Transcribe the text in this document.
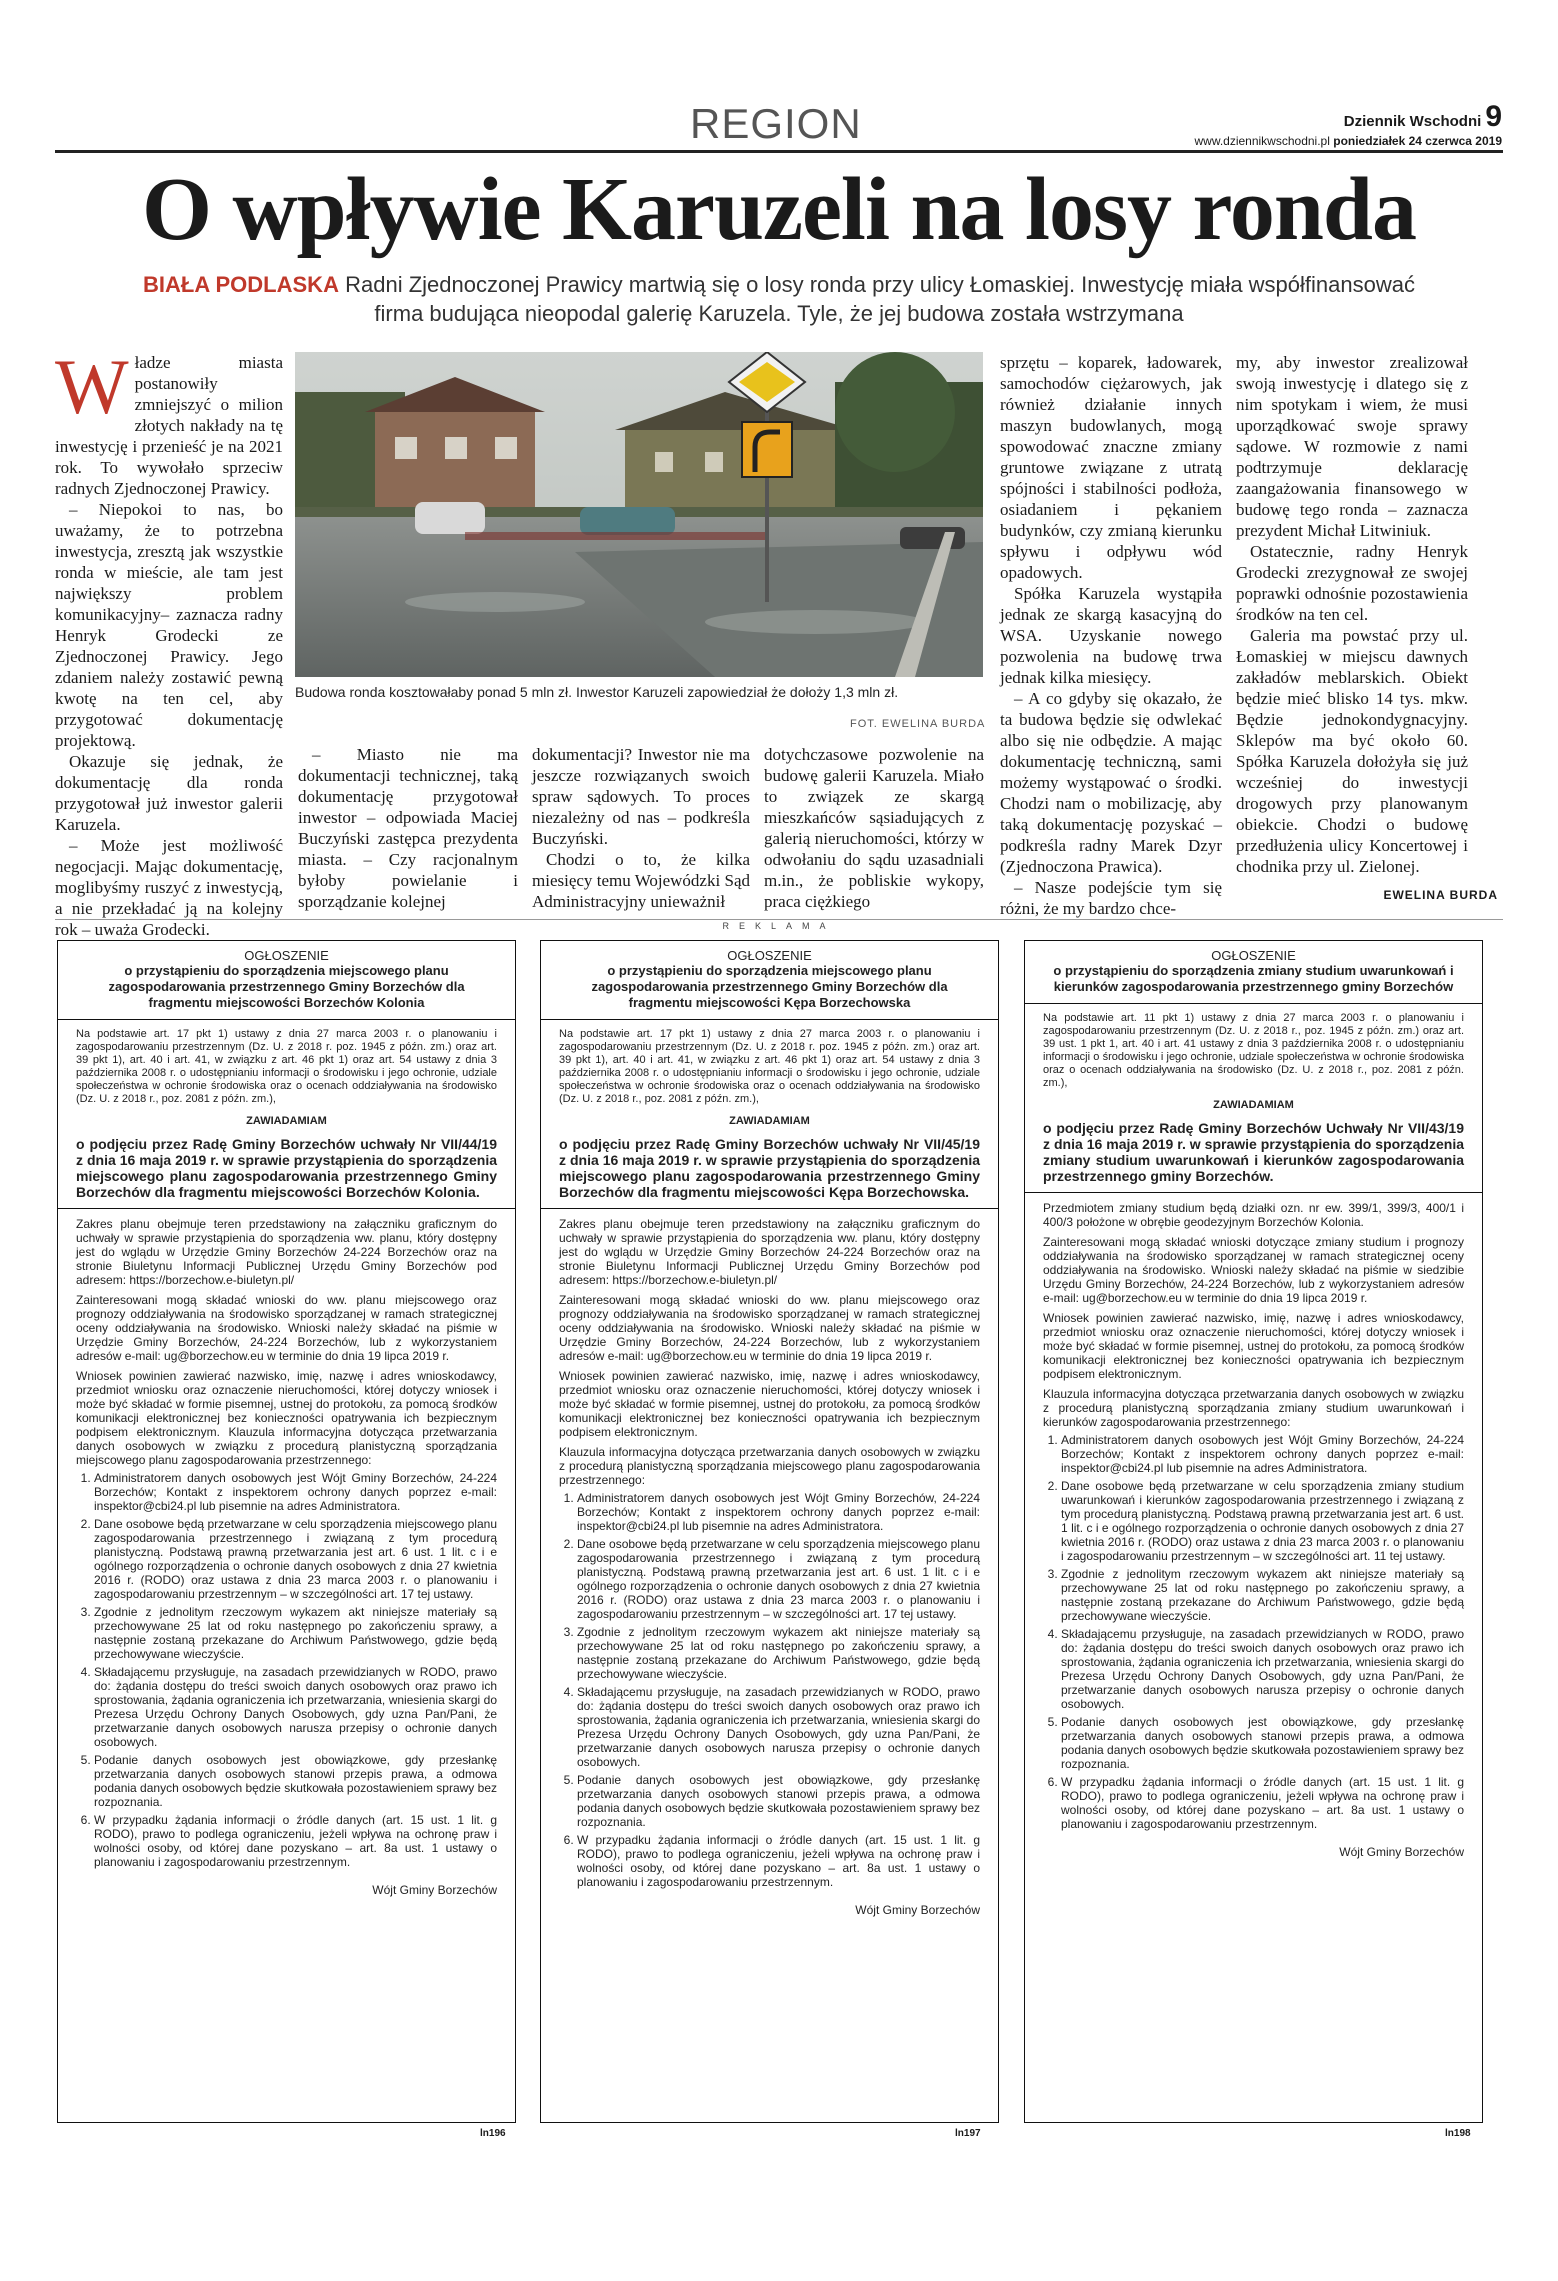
REGION	Dziennik Wschodni 9
www.dziennikwschodni.pl poniedziałek 24 czerwca 2019
O wpływie Karuzeli na losy ronda
BIAŁA PODLASKA Radni Zjednoczonej Prawicy martwią się o losy ronda przy ulicy Łomaskiej. Inwestycję miała współfinansować firma budująca nieopodal galerię Karuzela. Tyle, że jej budowa została wstrzymana
W ładze miasta postanowiły zmniejszyć o milion złotych nakłady na tę inwestycję i przenieść je na 2021 rok. To wywołało sprzeciw radnych Zjednoczonej Prawicy.

– Niepokoi to nas, bo uważamy, że to potrzebna inwestycja, zresztą jak wszystkie ronda w mieście, ale tam jest największy problem komunikacyjny– zaznacza radny Henryk Grodecki ze Zjednoczonej Prawicy. Jego zdaniem należy zostawić pewną kwotę na ten cel, aby przygotować dokumentację projektową.

Okazuje się jednak, że dokumentację dla ronda przygotował już inwestor galerii Karuzela.

– Może jest możliwość negocjacji. Mając dokumentację, moglibyśmy ruszyć z inwestycją, a nie przekładać ją na kolejny rok – uważa Grodecki.

Budowa ronda kosztowałaby ponad 5 mln zł. Inwestor Karuzeli zapowiedział że dołoży 1,3 mln zł.
FOT. EWELINA BURDA

– Miasto nie ma dokumentacji technicznej, taką dokumentację przygotował inwestor – odpowiada Maciej Buczyński zastępca prezydenta miasta. – Czy racjonalnym byłoby powielanie i sporządzanie kolejnej

dokumentacji? Inwestor nie ma jeszcze rozwiązanych swoich spraw sądowych. To proces niezależny od nas – podkreśla Buczyński.

Chodzi o to, że kilka miesięcy temu Wojewódzki Sąd Administracyjny unieważnił

dotychczasowe pozwolenie na budowę galerii Karuzela. Miało to związek ze skargą mieszkańców sąsiadujących z galerią nieruchomości, którzy w odwołaniu do sądu uzasadniali m.in., że pobliskie wykopy, praca ciężkiego

sprzętu – koparek, ładowarek, samochodów ciężarowych, jak również działanie innych maszyn budowlanych, mogą spowodować znaczne zmiany gruntowe związane z utratą spójności i stabilności podłoża, osiadaniem i pękaniem budynków, czy zmianą kierunku spływu i odpływu wód opadowych.

Spółka Karuzela wystąpiła jednak ze skargą kasacyjną do WSA. Uzyskanie nowego pozwolenia na budowę trwa jednak kilka miesięcy.

– A co gdyby się okazało, że ta budowa będzie się odwlekać albo się nie odbędzie. A mając dokumentację techniczną, sami możemy wystąpować o środki. Chodzi nam o mobilizację, aby taką dokumentację pozyskać – podkreśla radny Marek Dzyr (Zjednoczona Prawica).

– Nasze podejście tym się różni, że my bardzo chce-

my, aby inwestor zrealizował swoją inwestycję i dlatego się z nim spotykam i wiem, że musi uporządkować swoje sprawy sądowe. W rozmowie z nami podtrzymuje deklarację zaangażowania finansowego w budowę tego ronda – zaznacza prezydent Michał Litwiniuk.

Ostatecznie, radny Henryk Grodecki zrezygnował ze swojej poprawki odnośnie pozostawienia środków na ten cel.

Galeria ma powstać przy ul. Łomaskiej w miejscu dawnych zakładów meblarskich. Obiekt będzie mieć blisko 14 tys. mkw. Będzie jednokondygnacyjny. Sklepów ma być około 60. Spółka Karuzela dołożyła się już wcześniej do inwestycji drogowych przy planowanym obiekcie. Chodzi o budowę przedłużenia ulicy Koncertowej i chodnika przy ul. Zielonej.

EWELINA BURDA
REKLAMA
OGŁOSZENIE
o przystąpieniu do sporządzenia miejscowego planu zagospodarowania przestrzennego Gminy Borzechów dla fragmentu miejscowości Borzechów Kolonia
Na podstawie art. 17 pkt 1) ustawy z dnia 27 marca 2003 r. o planowaniu i zagospodarowaniu przestrzennym (Dz. U. z 2018 r. poz. 1945 z późn. zm.) oraz art. 39 pkt 1), art. 40 i art. 41, w związku z art. 46 pkt 1) oraz art. 54 ustawy z dnia 3 października 2008 r. o udostępnianiu informacji o środowisku i jego ochronie, udziale społeczeństwa w ochronie środowiska oraz o ocenach oddziaływania na środowisko (Dz. U. z 2018 r., poz. 2081 z późn. zm.),
ZAWIADAMIAM
o podjęciu przez Radę Gminy Borzechów uchwały Nr VII/44/19 z dnia 16 maja 2019 r. w sprawie przystąpienia do sporządzenia miejscowego planu zagospodarowania przestrzennego Gminy Borzechów dla fragmentu miejscowości Borzechów Kolonia.
Zakres planu obejmuje teren przedstawiony na załączniku graficznym do uchwały w sprawie przystąpienia do sporządzenia ww. planu, który dostępny jest do wglądu w Urzędzie Gminy Borzechów 24-224 Borzechów oraz na stronie Biuletynu Informacji Publicznej Urzędu Gminy Borzechów pod adresem: https://borzechow.e-biuletyn.pl/
Zainteresowani mogą składać wnioski do ww. planu miejscowego oraz prognozy oddziaływania na środowisko sporządzanej w ramach strategicznej oceny oddziaływania na środowisko. Wnioski należy składać na piśmie w Urzędzie Gminy Borzechów, 24-224 Borzechów, lub z wykorzystaniem adresów e-mail: ug@borzechow.eu w terminie do dnia 19 lipca 2019 r.
Wniosek powinien zawierać nazwisko, imię, nazwę i adres wnioskodawcy, przedmiot wniosku oraz oznaczenie nieruchomości, której dotyczy wniosek i może być składać w formie pisemnej, ustnej do protokołu, za pomocą środków komunikacji elektronicznej bez konieczności opatrywania ich bezpiecznym podpisem elektronicznym. Klauzula informacyjna dotycząca przetwarzania danych osobowych w związku z procedurą planistyczną sporządzania miejscowego planu zagospodarowania przestrzennego:
1. Administratorem danych osobowych jest Wójt Gminy Borzechów, 24-224 Borzechów; Kontakt z inspektorem ochrony danych poprzez e-mail: inspektor@cbi24.pl lub pisemnie na adres Administratora.
2. Dane osobowe będą przetwarzane w celu sporządzenia miejscowego planu zagospodarowania przestrzennego i związaną z tym procedurą planistyczną. Podstawą prawną przetwarzania jest art. 6 ust. 1 lit. c i e ogólnego rozporządzenia o ochronie danych osobowych z dnia 27 kwietnia 2016 r. (RODO) oraz ustawa z dnia 23 marca 2003 r. o planowaniu i zagospodarowaniu przestrzennym – w szczególności art. 17 tej ustawy.
3. Zgodnie z jednolitym rzeczowym wykazem akt niniejsze materiały są przechowywane 25 lat od roku następnego po zakończeniu sprawy, a następnie zostaną przekazane do Archiwum Państwowego, gdzie będą przechowywane wieczyście.
4. Składającemu przysługuje, na zasadach przewidzianych w RODO, prawo do: żądania dostępu do treści swoich danych osobowych oraz prawo ich sprostowania, żądania ograniczenia ich przetwarzania, wniesienia skargi do Prezesa Urzędu Ochrony Danych Osobowych, gdy uzna Pan/Pani, że przetwarzanie danych osobowych narusza przepisy o ochronie danych osobowych.
5. Podanie danych osobowych jest obowiązkowe, gdy przesłankę przetwarzania danych osobowych stanowi przepis prawa, a odmowa podania danych osobowych będzie skutkowała pozostawieniem sprawy bez rozpoznania.
6. W przypadku żądania informacji o źródle danych (art. 15 ust. 1 lit. g RODO), prawo to podlega ograniczeniu, jeżeli wpływa na ochronę praw i wolności osoby, od której dane pozyskano – art. 8a ust. 1 ustawy o planowaniu i zagospodarowaniu przestrzennym.
Wójt Gminy Borzechów
ln196
OGŁOSZENIE
o przystąpieniu do sporządzenia miejscowego planu zagospodarowania przestrzennego Gminy Borzechów dla fragmentu miejscowości Kępa Borzechowska
Na podstawie art. 17 pkt 1) ustawy z dnia 27 marca 2003 r. o planowaniu i zagospodarowaniu przestrzennym (Dz. U. z 2018 r. poz. 1945 z późn. zm.) oraz art. 39 pkt 1), art. 40 i art. 41, w związku z art. 46 pkt 1) oraz art. 54 ustawy z dnia 3 października 2008 r. o udostępnianiu informacji o środowisku i jego ochronie, udziale społeczeństwa w ochronie środowiska oraz o ocenach oddziaływania na środowisko (Dz. U. z 2018 r., poz. 2081 z późn. zm.),
ZAWIADAMIAM
o podjęciu przez Radę Gminy Borzechów uchwały Nr VII/45/19 z dnia 16 maja 2019 r. w sprawie przystąpienia do sporządzenia miejscowego planu zagospodarowania przestrzennego Gminy Borzechów dla fragmentu miejscowości Kępa Borzechowska.
Zakres planu obejmuje teren przedstawiony na załączniku graficznym do uchwały w sprawie przystąpienia do sporządzenia ww. planu, który dostępny jest do wglądu w Urzędzie Gminy Borzechów 24-224 Borzechów oraz na stronie Biuletynu Informacji Publicznej Urzędu Gminy Borzechów pod adresem: https://borzechow.e-biuletyn.pl/
Zainteresowani mogą składać wnioski do ww. planu miejscowego oraz prognozy oddziaływania na środowisko sporządzanej w ramach strategicznej oceny oddziaływania na środowisko. Wnioski należy składać na piśmie w Urzędzie Gminy Borzechów, 24-224 Borzechów, lub z wykorzystaniem adresów e-mail: ug@borzechow.eu w terminie do dnia 19 lipca 2019 r.
Wniosek powinien zawierać nazwisko, imię, nazwę i adres wnioskodawcy, przedmiot wniosku oraz oznaczenie nieruchomości, której dotyczy wniosek i może być składać w formie pisemnej, ustnej do protokołu, za pomocą środków komunikacji elektronicznej bez konieczności opatrywania ich bezpiecznym podpisem elektronicznym.
Klauzula informacyjna dotycząca przetwarzania danych osobowych w związku z procedurą planistyczną sporządzania miejscowego planu zagospodarowania przestrzennego:
1. Administratorem danych osobowych jest Wójt Gminy Borzechów, 24-224 Borzechów; Kontakt z inspektorem ochrony danych poprzez e-mail: inspektor@cbi24.pl lub pisemnie na adres Administratora.
2. Dane osobowe będą przetwarzane w celu sporządzenia miejscowego planu zagospodarowania przestrzennego i związaną z tym procedurą planistyczną. Podstawą prawną przetwarzania jest art. 6 ust. 1 lit. c i e ogólnego rozporządzenia o ochronie danych osobowych z dnia 27 kwietnia 2016 r. (RODO) oraz ustawa z dnia 23 marca 2003 r. o planowaniu i zagospodarowaniu przestrzennym – w szczególności art. 17 tej ustawy.
3. Zgodnie z jednolitym rzeczowym wykazem akt niniejsze materiały są przechowywane 25 lat od roku następnego po zakończeniu sprawy, a następnie zostaną przekazane do Archiwum Państwowego, gdzie będą przechowywane wieczyście.
4. Składającemu przysługuje, na zasadach przewidzianych w RODO, prawo do: żądania dostępu do treści swoich danych osobowych oraz prawo ich sprostowania, żądania ograniczenia ich przetwarzania, wniesienia skargi do Prezesa Urzędu Ochrony Danych Osobowych, gdy uzna Pan/Pani, że przetwarzanie danych osobowych narusza przepisy o ochronie danych osobowych.
5. Podanie danych osobowych jest obowiązkowe, gdy przesłankę przetwarzania danych osobowych stanowi przepis prawa, a odmowa podania danych osobowych będzie skutkowała pozostawieniem sprawy bez rozpoznania.
6. W przypadku żądania informacji o źródle danych (art. 15 ust. 1 lit. g RODO), prawo to podlega ograniczeniu, jeżeli wpływa na ochronę praw i wolności osoby, od której dane pozyskano – art. 8a ust. 1 ustawy o planowaniu i zagospodarowaniu przestrzennym.
Wójt Gminy Borzechów
ln197
OGŁOSZENIE
o przystąpieniu do sporządzenia zmiany studium uwarunkowań i kierunków zagospodarowania przestrzennego gminy Borzechów
Na podstawie art. 11 pkt 1) ustawy z dnia 27 marca 2003 r. o planowaniu i zagospodarowaniu przestrzennym (Dz. U. z 2018 r., poz. 1945 z późn. zm.) oraz art. 39 ust. 1 pkt 1, art. 40 i art. 41 ustawy z dnia 3 października 2008 r. o udostępnianiu informacji o środowisku i jego ochronie, udziale społeczeństwa w ochronie środowiska oraz o ocenach oddziaływania na środowisko (Dz. U. z 2018 r., poz. 2081 z późn. zm.),
ZAWIADAMIAM
o podjęciu przez Radę Gminy Borzechów Uchwały Nr VII/43/19 z dnia 16 maja 2019 r. w sprawie przystąpienia do sporządzenia zmiany studium uwarunkowań i kierunków zagospodarowania przestrzennego gminy Borzechów.
Przedmiotem zmiany studium będą działki ozn. nr ew. 399/1, 399/3, 400/1 i 400/3 położone w obrębie geodezyjnym Borzechów Kolonia.
Zainteresowani mogą składać wnioski dotyczące zmiany studium i prognozy oddziaływania na środowisko sporządzanej w ramach strategicznej oceny oddziaływania na środowisko. Wnioski należy składać na piśmie w siedzibie Urzędu Gminy Borzechów, 24-224 Borzechów, lub z wykorzystaniem adresów e-mail: ug@borzechow.eu w terminie do dnia 19 lipca 2019 r.
Wniosek powinien zawierać nazwisko, imię, nazwę i adres wnioskodawcy, przedmiot wniosku oraz oznaczenie nieruchomości, której dotyczy wniosek i może być składać w formie pisemnej, ustnej do protokołu, za pomocą środków komunikacji elektronicznej bez konieczności opatrywania ich bezpiecznym podpisem elektronicznym.
Klauzula informacyjna dotycząca przetwarzania danych osobowych w związku z procedurą planistyczną sporządzania zmiany studium uwarunkowań i kierunków zagospodarowania przestrzennego:
1. Administratorem danych osobowych jest Wójt Gminy Borzechów, 24-224 Borzechów; Kontakt z inspektorem ochrony danych poprzez e-mail: inspektor@cbi24.pl lub pisemnie na adres Administratora.
2. Dane osobowe będą przetwarzane w celu sporządzenia zmiany studium uwarunkowań i kierunków zagospodarowania przestrzennego i związaną z tym procedurą planistyczną. Podstawą prawną przetwarzania jest art. 6 ust. 1 lit. c i e ogólnego rozporządzenia o ochronie danych osobowych z dnia 27 kwietnia 2016 r. (RODO) oraz ustawa z dnia 23 marca 2003 r. o planowaniu i zagospodarowaniu przestrzennym – w szczególności art. 11 tej ustawy.
3. Zgodnie z jednolitym rzeczowym wykazem akt niniejsze materiały są przechowywane 25 lat od roku następnego po zakończeniu sprawy, a następnie zostaną przekazane do Archiwum Państwowego, gdzie będą przechowywane wieczyście.
4. Składającemu przysługuje, na zasadach przewidzianych w RODO, prawo do: żądania dostępu do treści swoich danych osobowych oraz prawo ich sprostowania, żądania ograniczenia ich przetwarzania, wniesienia skargi do Prezesa Urzędu Ochrony Danych Osobowych, gdy uzna Pan/Pani, że przetwarzanie danych osobowych narusza przepisy o ochronie danych osobowych.
5. Podanie danych osobowych jest obowiązkowe, gdy przesłankę przetwarzania danych osobowych stanowi przepis prawa, a odmowa podania danych osobowych będzie skutkowała pozostawieniem sprawy bez rozpoznania.
6. W przypadku żądania informacji o źródle danych (art. 15 ust. 1 lit. g RODO), prawo to podlega ograniczeniu, jeżeli wpływa na ochronę praw i wolności osoby, od której dane pozyskano – art. 8a ust. 1 ustawy o planowaniu i zagospodarowaniu przestrzennym.
Wójt Gminy Borzechów
ln198
